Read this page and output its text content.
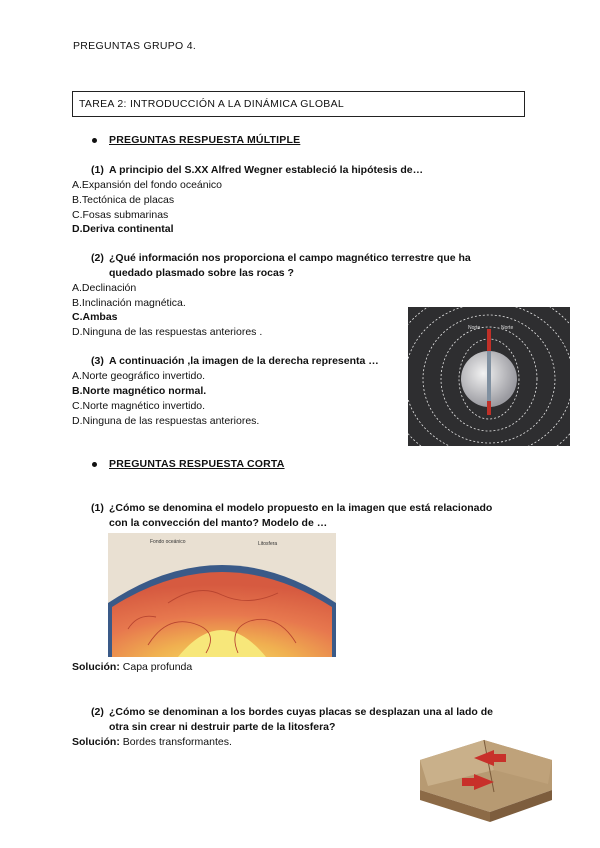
PREGUNTAS GRUPO 4.
TAREA 2: INTRODUCCIÓN A LA DINÁMICA GLOBAL
PREGUNTAS RESPUESTA MÚLTIPLE
(1) A principio del S.XX Alfred Wegner estableció la hipótesis de…
A.Expansión del fondo oceánico
B.Tectónica de placas
C.Fosas submarinas
D.Deriva continental
(2) ¿Qué información nos proporciona el campo magnético terrestre que ha
quedado plasmado sobre las rocas ?
A.Declinación
B.Inclinación magnética.
C.Ambas
D.Ninguna de las respuestas anteriores .
(3) A continuación ,la imagen de la derecha representa …
A.Norte geográfico invertido.
B.Norte magnético normal.
C.Norte magnético invertido.
D.Ninguna de las respuestas anteriores.
Norte	Norte
PREGUNTAS RESPUESTA CORTA
(1) ¿Cómo se denomina el modelo propuesto en la imagen que está relacionado
con la convección del manto? Modelo de …
Fondo oceánico	Litosfera
Solución: Capa profunda
(2) ¿Cómo se denominan a los bordes cuyas placas se desplazan una al lado de
otra sin crear ni destruir parte de la litosfera?
Solución: Bordes transformantes.
